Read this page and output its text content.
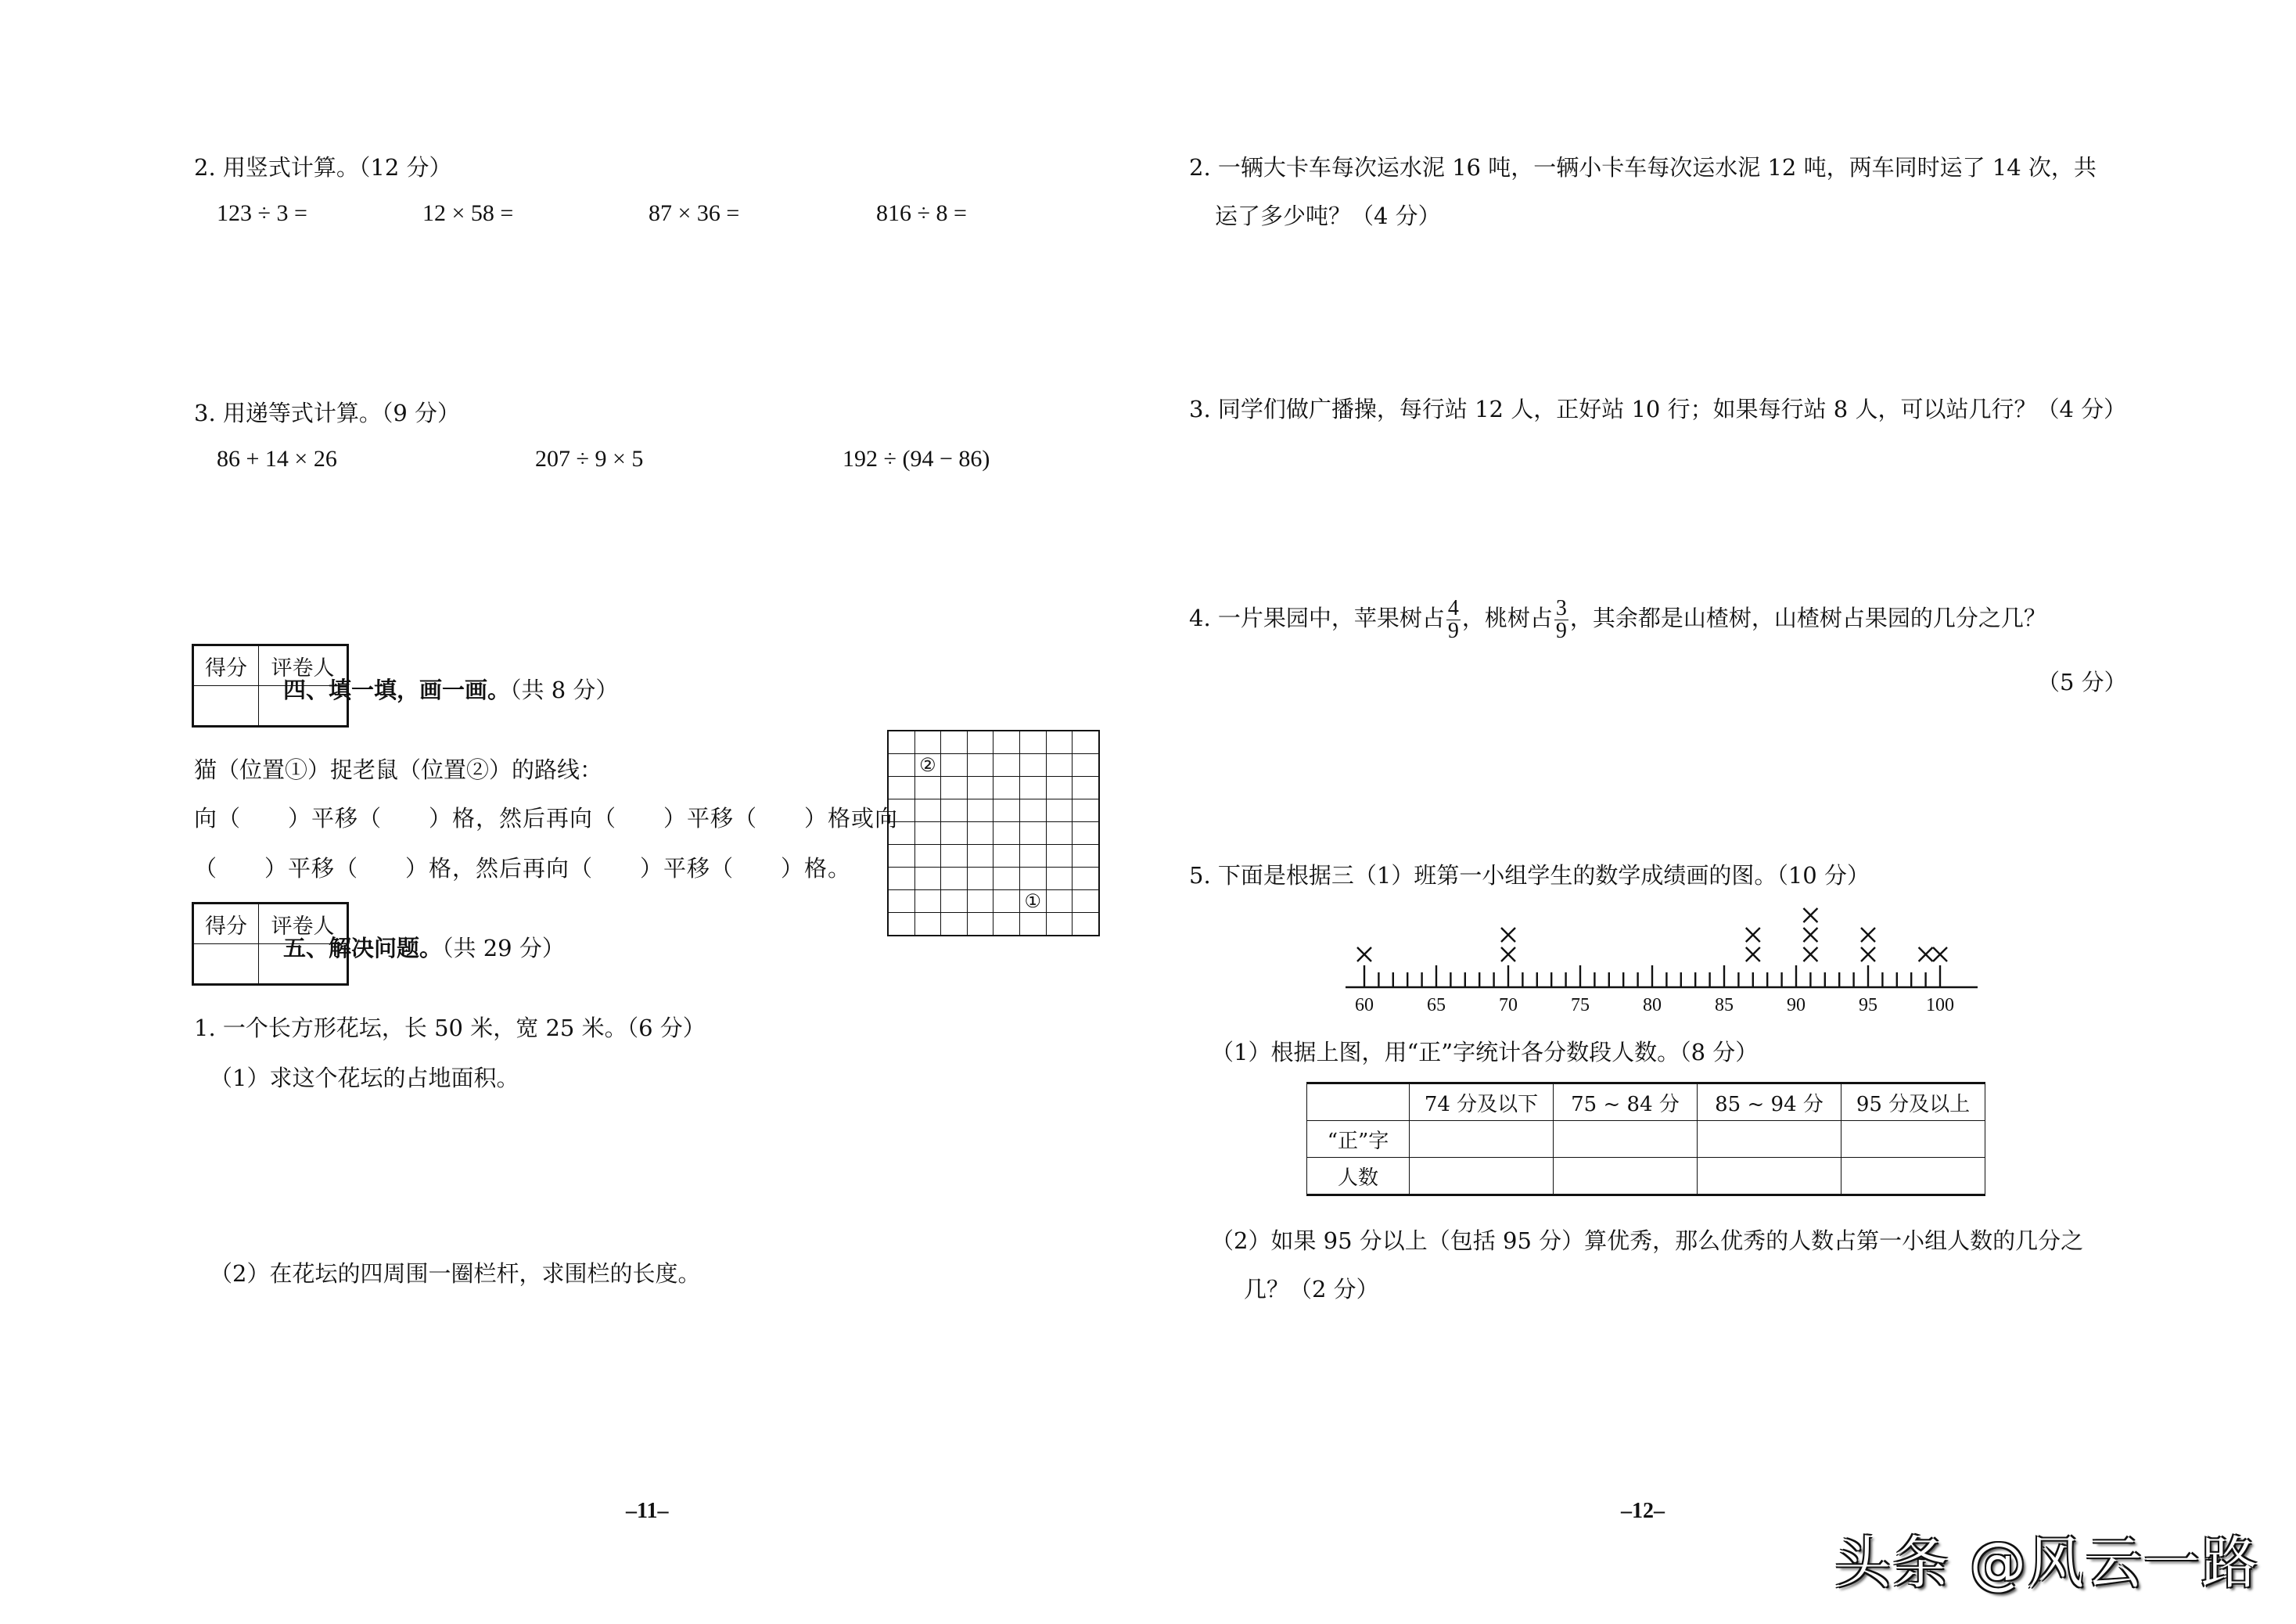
2. 用竖式计算。（12 分）
123 ÷ 3 =	12 × 58 =	87 × 36 =	816 ÷ 8 =
3. 用递等式计算。（9 分）
86 + 14 × 26	207 ÷ 9 × 5	192 ÷ (94 − 86)
得分	评卷人

四、填一填，画一画。（共 8 分）
猫（位置①）捉老鼠（位置②）的路线：
向（　　）平移（　　）格，然后再向（　　）平移（　　）格或向
（　　）平移（　　）格，然后再向（　　）平移（　　）格。

	②						

					①		

得分	评卷人

五、解决问题。（共 29 分）
1. 一个长方形花坛，长 50 米，宽 25 米。（6 分）
（1）求这个花坛的占地面积。
（2）在花坛的四周围一圈栏杆，求围栏的长度。
–11–
2. 一辆大卡车每次运水泥 16 吨，一辆小卡车每次运水泥 12 吨，两车同时运了 14 次，共
运了多少吨？（4 分）
3. 同学们做广播操，每行站 12 人，正好站 10 行；如果每行站 8 人，可以站几行？（4 分）
4. 一片果园中，苹果树占 $\frac{4}{9}$ ，桃树占 $\frac{3}{9}$ ，其余都是山楂树，山楂树占果园的几分之几？
（5 分）
5. 下面是根据三（1）班第一小组学生的数学成绩画的图。（10 分）
60	65	70	75	80	85	90	95	100
（1）根据上图，用“正”字统计各分数段人数。（8 分）
	74 分及以下	75 ~ 84 分	85 ~ 94 分	95 分及以上
“正”字				
人数				
（2）如果 95 分以上（包括 95 分）算优秀，那么优秀的人数占第一小组人数的几分之
几？（2 分）
–12–
头条 @风云一路
